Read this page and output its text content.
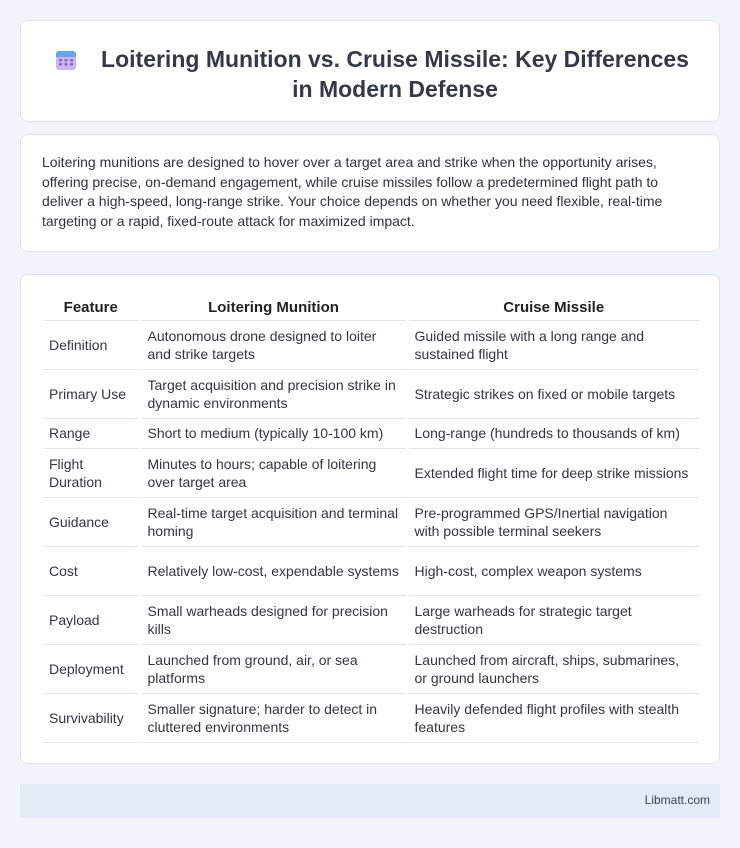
Loitering Munition vs. Cruise Missile: Key Differences in Modern Defense

Loitering munitions are designed to hover over a target area and strike when the opportunity arises, offering precise, on-demand engagement, while cruise missiles follow a predetermined flight path to deliver a high-speed, long-range strike. Your choice depends on whether you need flexible, real-time targeting or a rapid, fixed-route attack for maximized impact.

Feature	Loitering Munition	Cruise Missile
Definition	Autonomous drone designed to loiter and strike targets	Guided missile with a long range and sustained flight
Primary Use	Target acquisition and precision strike in dynamic environments	Strategic strikes on fixed or mobile targets
Range	Short to medium (typically 10-100 km)	Long-range (hundreds to thousands of km)
Flight Duration	Minutes to hours; capable of loitering over target area	Extended flight time for deep strike missions
Guidance	Real-time target acquisition and terminal homing	Pre-programmed GPS/Inertial navigation with possible terminal seekers
Cost	Relatively low-cost, expendable systems	High-cost, complex weapon systems
Payload	Small warheads designed for precision kills	Large warheads for strategic target destruction
Deployment	Launched from ground, air, or sea platforms	Launched from aircraft, ships, submarines, or ground launchers
Survivability	Smaller signature; harder to detect in cluttered environments	Heavily defended flight profiles with stealth features
Libmatt.com
